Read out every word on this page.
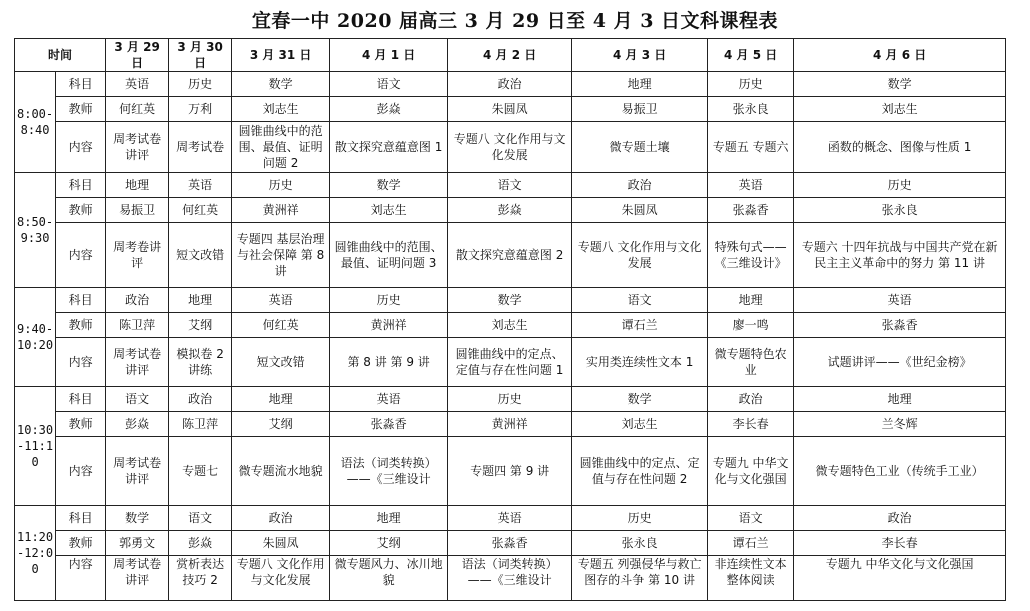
宜春一中 2020 届高三 3 月 29 日至 4 月 3 日文科课程表
时间		3 月 29 日	3 月 30 日	3 月 31 日	4 月 1 日	4 月 2 日	4 月 3 日	4 月 5 日	4 月 6 日
8:00-
8:40	科目	英语	历史	数学	语文	政治	地理	历史	数学
	教师	何红英	万利	刘志生	彭焱	朱圆凤	易振卫	张永良	刘志生
	内容	周考试卷讲评	周考试卷	圆锥曲线中的范围、最值、证明问题 2	散文探究意蕴意图 1	专题八 文化作用与文化发展	微专题土壤	专题五 专题六	函数的概念、图像与性质 1
8:50-
9:30	科目	地理	英语	历史	数学	语文	政治	英语	历史
	教师	易振卫	何红英	黄洲祥	刘志生	彭焱	朱圆凤	张淼香	张永良
	内容	周考卷讲评	短文改错	专题四 基层治理与社会保障 第 8 讲	圆锥曲线中的范围、最值、证明问题 3	散文探究意蕴意图 2	专题八 文化作用与文化发展	特殊句式——《三维设计》	专题六 十四年抗战与中国共产党在新民主主义革命中的努力 第 11 讲
9:40-
10:20	科目	政治	地理	英语	历史	数学	语文	地理	英语
	教师	陈卫萍	艾纲	何红英	黄洲祥	刘志生	谭石兰	廖一鸣	张淼香
	内容	周考试卷讲评	模拟卷 2 讲练	短文改错	第 8 讲 第 9 讲	圆锥曲线中的定点、定值与存在性问题 1	实用类连续性文本 1	微专题特色农业	试题讲评——《世纪金榜》
10:30
-11:1
0	科目	语文	政治	地理	英语	历史	数学	政治	地理
	教师	彭焱	陈卫萍	艾纲	张淼香	黄洲祥	刘志生	李长春	兰冬辉
	内容	周考试卷讲评	专题七	微专题流水地貌	语法（词类转换）——《三维设计	专题四 第 9 讲	圆锥曲线中的定点、定值与存在性问题 2	专题九 中华文化与文化强国	微专题特色工业（传统手工业）
11:20
-12:0
0	科目	数学	语文	政治	地理	英语	历史	语文	政治
	教师	郭勇文	彭焱	朱圆凤	艾纲	张淼香	张永良	谭石兰	李长春
	内容	周考试卷讲评	赏析表达技巧 2	专题八 文化作用与文化发展	微专题风力、冰川地貌	语法（词类转换）——《三维设计	专题五 列强侵华与救亡图存的斗争 第 10 讲	非连续性文本整体阅读	专题九 中华文化与文化强国
